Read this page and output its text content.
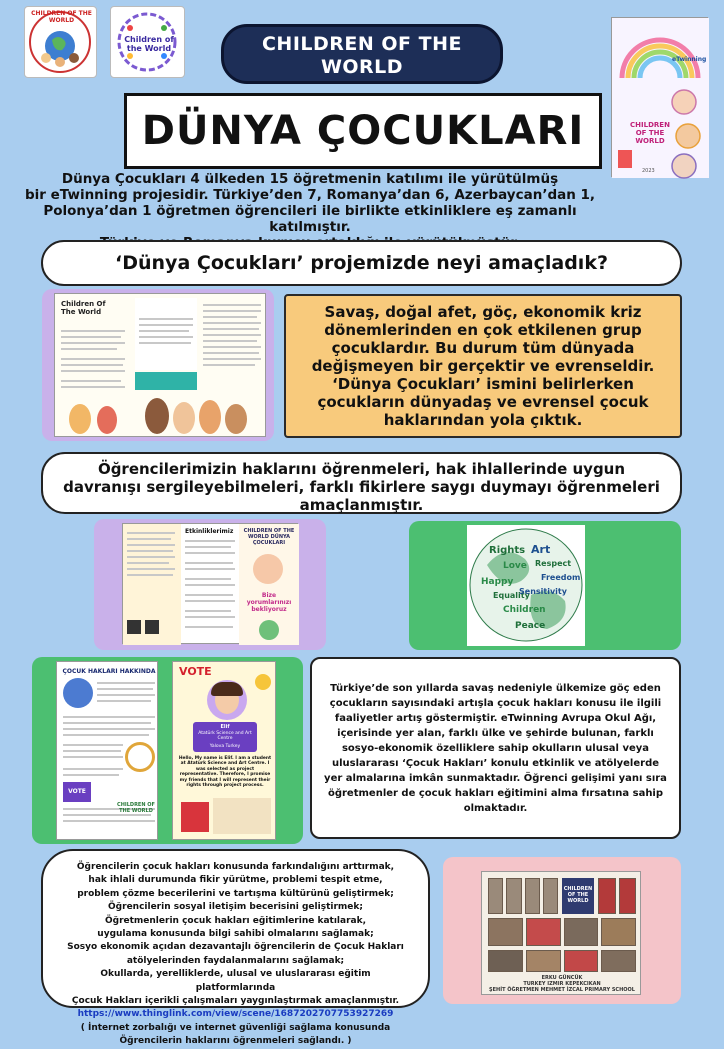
CHILDREN OF THE WORLD
Children of the World	CHILDREN OF THE WORLD
DÜNYA ÇOCUKLARI	CHILDREN OF THE WORLD
eTwinning
2023
Dünya Çocukları 4 ülkeden 15 öğretmenin katılımı ile yürütülmüş
bir eTwinning projesidir. Türkiye’den 7, Romanya’dan 6, Azerbaycan’dan 1,
Polonya’dan 1 öğretmen öğrencileri ile birlikte etkinliklere eş zamanlı katılmıştır.
‘Dünya Çocukları’ projemizde neyi amaçladık?
Children Of The World	Savaş, doğal afet, göç, ekonomik kriz dönemlerinden en çok etkilenen grup çocuklardır. Bu durum tüm dünyada değişmeyen bir gerçektir ve evrenseldir. ‘Dünya Çocukları’ ismini belirlerken çocukların dünyadaş ve evrensel çocuk haklarından yola çıktık.
Öğrencilerimizin haklarını öğrenmeleri, hak ihlallerinde uygun davranışı sergileyebilmeleri, farklı fikirlere saygı duymayı öğrenmeleri amaçlanmıştır.
Etkinliklerimiz	CHILDREN OF THE WORLD DÜNYA ÇOCUKLARI
Bize yorumlarınızı bekliyoruz
Rights Art
Love Respect
Freedom
Happy
Equality
Sensitivity
Children
Peace
ÇOCUK HAKLARI HAKKINDA
VOTE
CHILDREN OF THE WORLD
VOTE
Elif
Atatürk Science and Art Centre
Yalova Turkey
Hello, My name is Elif. I am a student at Atatürk Science and Art Centre. I was selected as project representative. Therefore, I promise my friends that I will represent their rights through project process.
Türkiye’de son yıllarda savaş nedeniyle ülkemize göç eden çocukların sayısındaki artışla çocuk hakları konusu ile ilgili faaliyetler artış göstermiştir. eTwinning Avrupa Okul Ağı, içerisinde yer alan, farklı ülke ve şehirde bulunan, farklı sosyo-ekonomik özelliklere sahip okulların ulusal veya uluslararası ‘Çocuk Hakları’ konulu etkinlik ve atölyelerde yer almalarına imkân sunmaktadır. Öğrenci gelişimi yanı sıra öğretmenler de çocuk hakları eğitimini alma fırsatına sahip olmaktadır.
Öğrencilerin çocuk hakları konusunda farkındalığını arttırmak,
hak ihlali durumunda fikir yürütme, problemi tespit etme,
problem çözme becerilerini ve tartışma kültürünü geliştirmek;
Öğrencilerin sosyal iletişim becerisini geliştirmek;
Öğretmenlerin çocuk hakları eğitimlerine katılarak,
uygulama konusunda bilgi sahibi olmalarını sağlamak;
Sosyo ekonomik açıdan dezavantajlı öğrencilerin de Çocuk Hakları
atölyelerinden faydalanmalarını sağlamak;
Okullarda, yerelliklerde, ulusal ve uluslararası eğitim platformlarında
Çocuk Hakları içerikli çalışmaları yaygınlaştırmak amaçlanmıştır.
https://www.thinglink.com/view/scene/1687202707753927269
( İnternet zorbalığı ve internet güvenliği sağlama konusunda
Öğrencilerin haklarını öğrenmeleri sağlandı. )
CHILDREN OF THE WORLD
ERKU GÜNCÜK
TURKEY IZMIR KEPEKCIKAN
ŞEHİT ÖĞRETMEN MEHMET İZCAL PRIMARY SCHOOL
